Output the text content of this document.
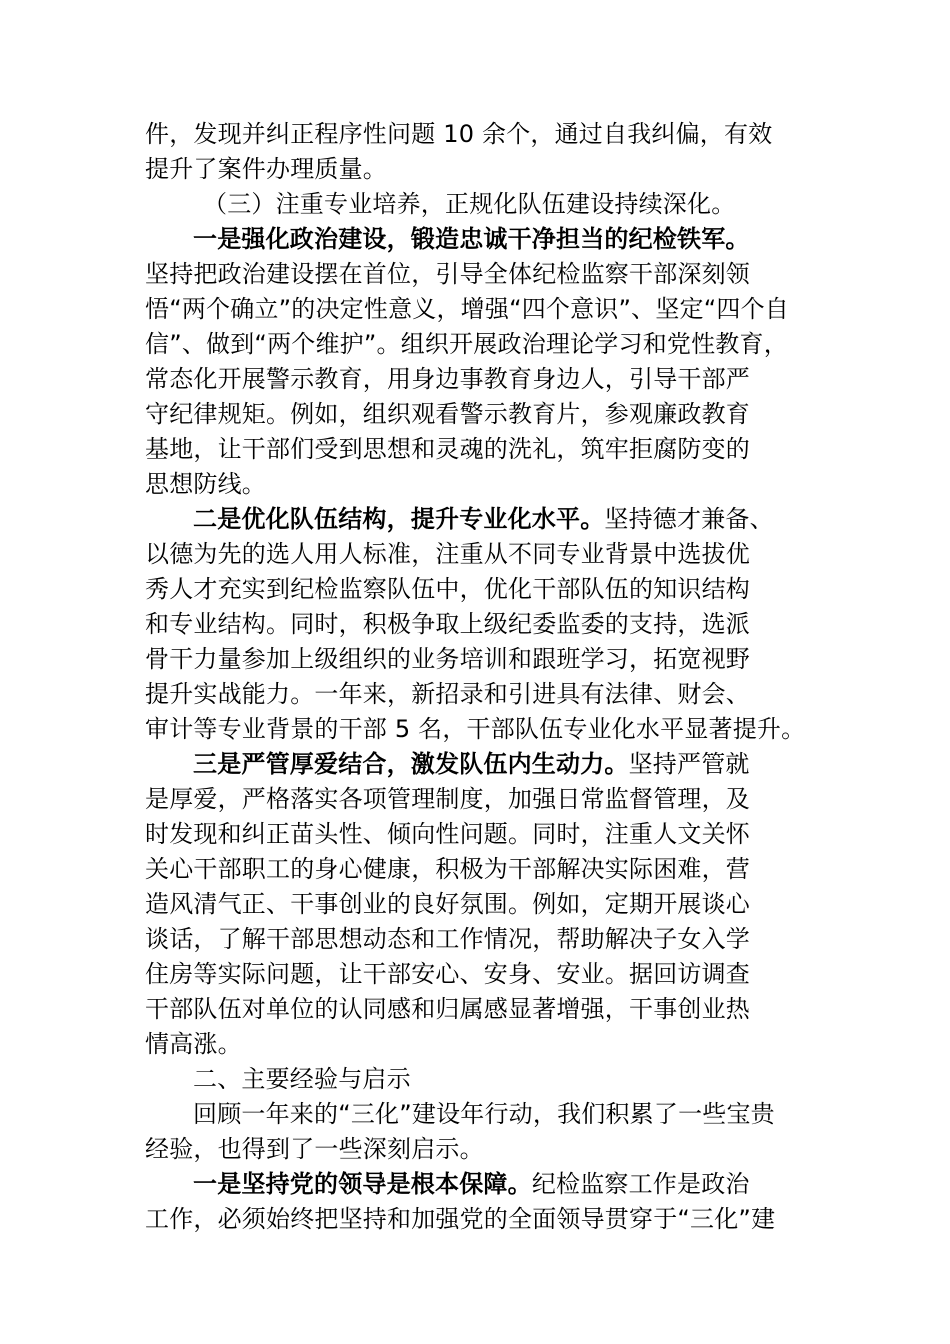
件，发现并纠正程序性问题 10 余个，通过自我纠偏，有效
提升了案件办理质量。
（三）注重专业培养，正规化队伍建设持续深化。
一是强化政治建设，锻造忠诚干净担当的纪检铁军。
坚持把政治建设摆在首位，引导全体纪检监察干部深刻领
悟“两个确立”的决定性意义，增强“四个意识”、坚定“四个自
信”、做到“两个维护”。组织开展政治理论学习和党性教育，
常态化开展警示教育，用身边事教育身边人，引导干部严
守纪律规矩。例如，组织观看警示教育片，参观廉政教育
基地，让干部们受到思想和灵魂的洗礼，筑牢拒腐防变的
思想防线。
二是优化队伍结构，提升专业化水平。坚持德才兼备、
以德为先的选人用人标准，注重从不同专业背景中选拔优
秀人才充实到纪检监察队伍中，优化干部队伍的知识结构
和专业结构。同时，积极争取上级纪委监委的支持，选派
骨干力量参加上级组织的业务培训和跟班学习，拓宽视野
提升实战能力。一年来，新招录和引进具有法律、财会、
审计等专业背景的干部 5 名，干部队伍专业化水平显著提升。
三是严管厚爱结合，激发队伍内生动力。坚持严管就
是厚爱，严格落实各项管理制度，加强日常监督管理，及
时发现和纠正苗头性、倾向性问题。同时，注重人文关怀
关心干部职工的身心健康，积极为干部解决实际困难，营
造风清气正、干事创业的良好氛围。例如，定期开展谈心
谈话，了解干部思想动态和工作情况，帮助解决子女入学
住房等实际问题，让干部安心、安身、安业。据回访调查
干部队伍对单位的认同感和归属感显著增强，干事创业热
情高涨。
二、主要经验与启示
回顾一年来的“三化”建设年行动，我们积累了一些宝贵
经验，也得到了一些深刻启示。
一是坚持党的领导是根本保障。纪检监察工作是政治
工作，必须始终把坚持和加强党的全面领导贯穿于“三化”建
